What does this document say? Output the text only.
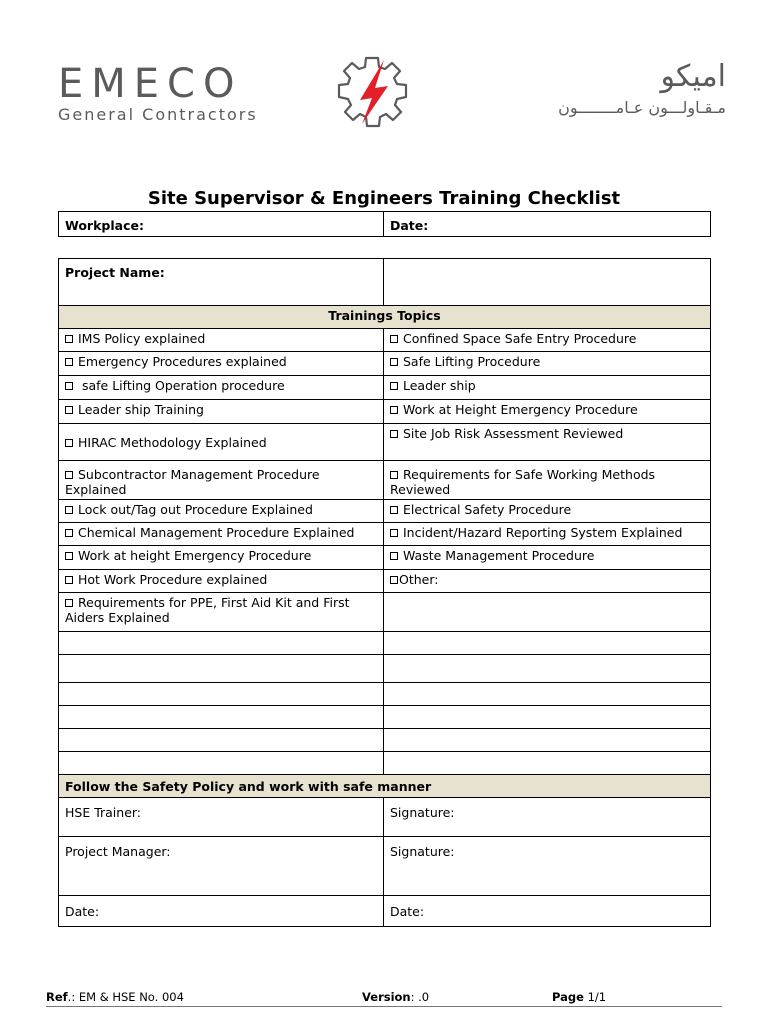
EMECO
General Contractors
اميكو
مـقـاولـــون عـامــــــــون
Site Supervisor & Engineers Training Checklist
Workplace:	Date:
Project Name:	
Trainings Topics	
IMS Policy explained	Confined Space Safe Entry Procedure
Emergency Procedures explained	Safe Lifting Procedure
safe Lifting Operation procedure	Leader ship
Leader ship Training	Work at Height Emergency Procedure
HIRAC Methodology Explained	Site Job Risk Assessment Reviewed
Subcontractor Management Procedure Explained	Requirements for Safe Working Methods Reviewed
Lock out/Tag out Procedure Explained	Electrical Safety Procedure
Chemical Management Procedure Explained	Incident/Hazard Reporting System Explained
Work at height Emergency Procedure	Waste Management Procedure
Hot Work Procedure explained	Other:
Requirements for PPE, First Aid Kit and First Aiders Explained	

Follow the Safety Policy and work with safe manner	
HSE Trainer:	Signature:
Project Manager:	Signature:
Date:	Date:
Ref.: EM & HSE No. 004	Version: .0	Page 1/1
